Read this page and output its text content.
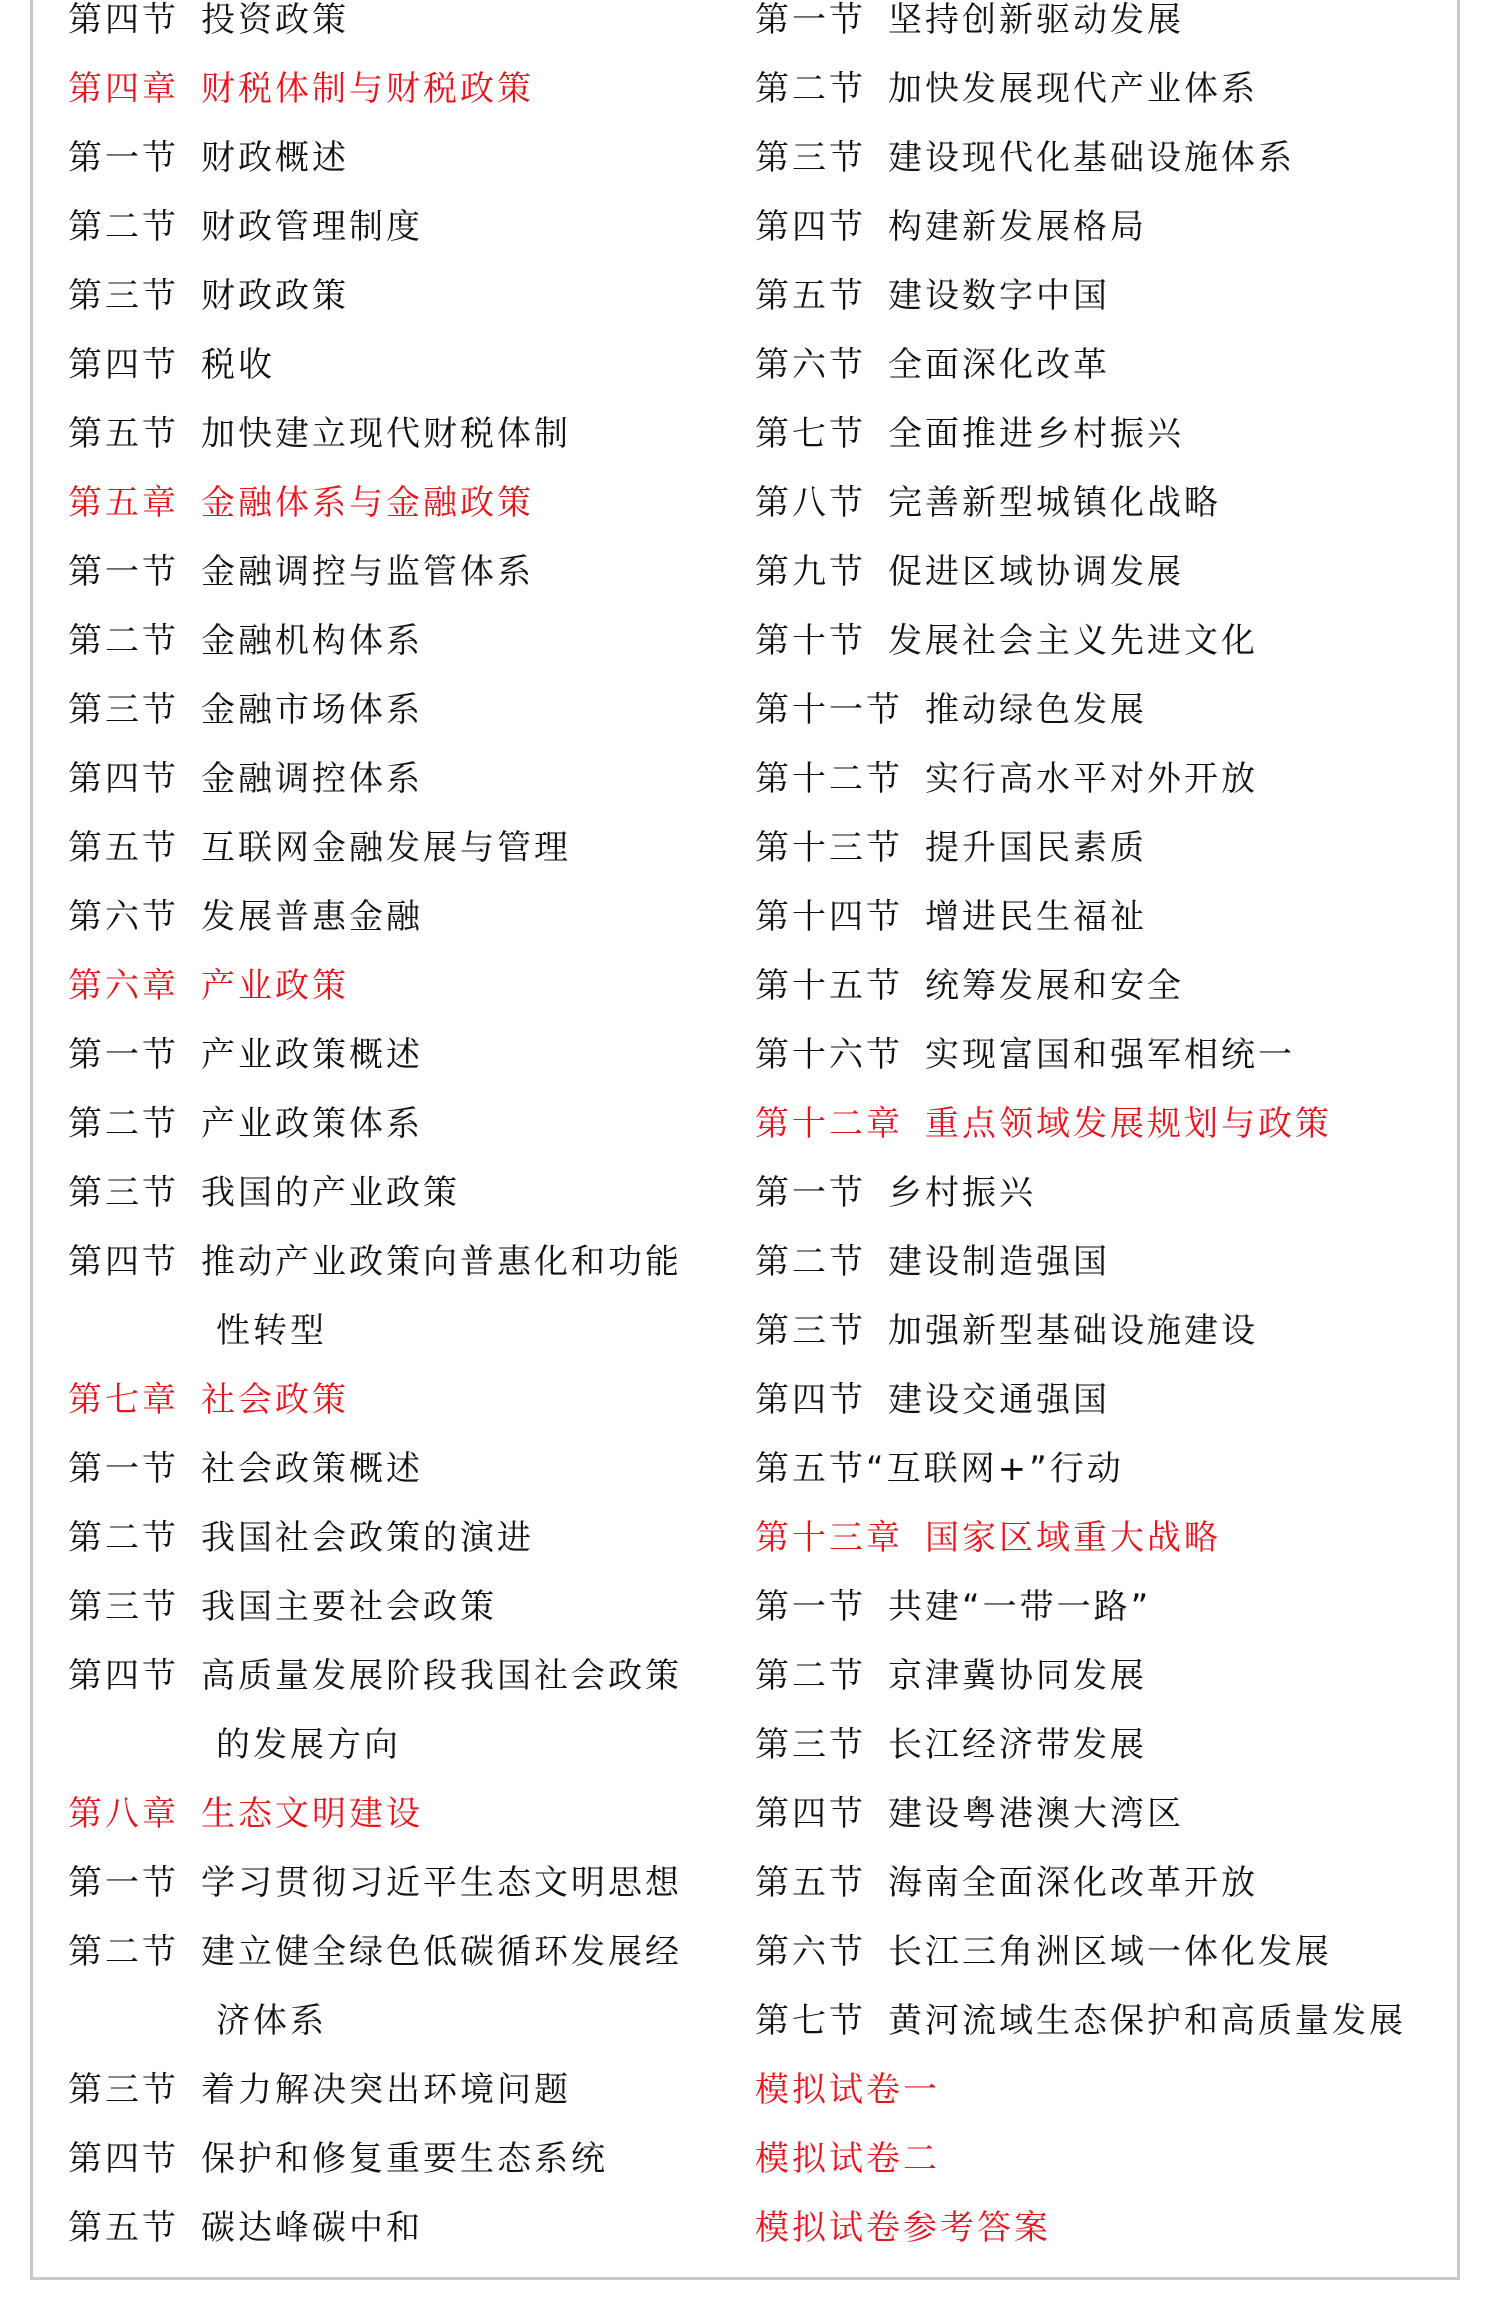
第四节 投资政策
第四章 财税体制与财税政策
第一节 财政概述
第二节 财政管理制度
第三节 财政政策
第四节 税收
第五节 加快建立现代财税体制
第五章 金融体系与金融政策
第一节 金融调控与监管体系
第二节 金融机构体系
第三节 金融市场体系
第四节 金融调控体系
第五节 互联网金融发展与管理
第六节 发展普惠金融
第六章 产业政策
第一节 产业政策概述
第二节 产业政策体系
第三节 我国的产业政策
第四节 推动产业政策向普惠化和功能
性转型
第七章 社会政策
第一节 社会政策概述
第二节 我国社会政策的演进
第三节 我国主要社会政策
第四节 高质量发展阶段我国社会政策
的发展方向
第八章 生态文明建设
第一节 学习贯彻习近平生态文明思想
第二节 建立健全绿色低碳循环发展经
济体系
第三节 着力解决突出环境问题
第四节 保护和修复重要生态系统
第五节 碳达峰碳中和
第一节 坚持创新驱动发展
第二节 加快发展现代产业体系
第三节 建设现代化基础设施体系
第四节 构建新发展格局
第五节 建设数字中国
第六节 全面深化改革
第七节 全面推进乡村振兴
第八节 完善新型城镇化战略
第九节 促进区域协调发展
第十节 发展社会主义先进文化
第十一节 推动绿色发展
第十二节 实行高水平对外开放
第十三节 提升国民素质
第十四节 增进民生福祉
第十五节 统筹发展和安全
第十六节 实现富国和强军相统一
第十二章 重点领域发展规划与政策
第一节 乡村振兴
第二节 建设制造强国
第三节 加强新型基础设施建设
第四节 建设交通强国
第五节“互联网+”行动
第十三章 国家区域重大战略
第一节 共建“一带一路”
第二节 京津冀协同发展
第三节 长江经济带发展
第四节 建设粤港澳大湾区
第五节 海南全面深化改革开放
第六节 长江三角洲区域一体化发展
第七节 黄河流域生态保护和高质量发展
模拟试卷一
模拟试卷二
模拟试卷参考答案
